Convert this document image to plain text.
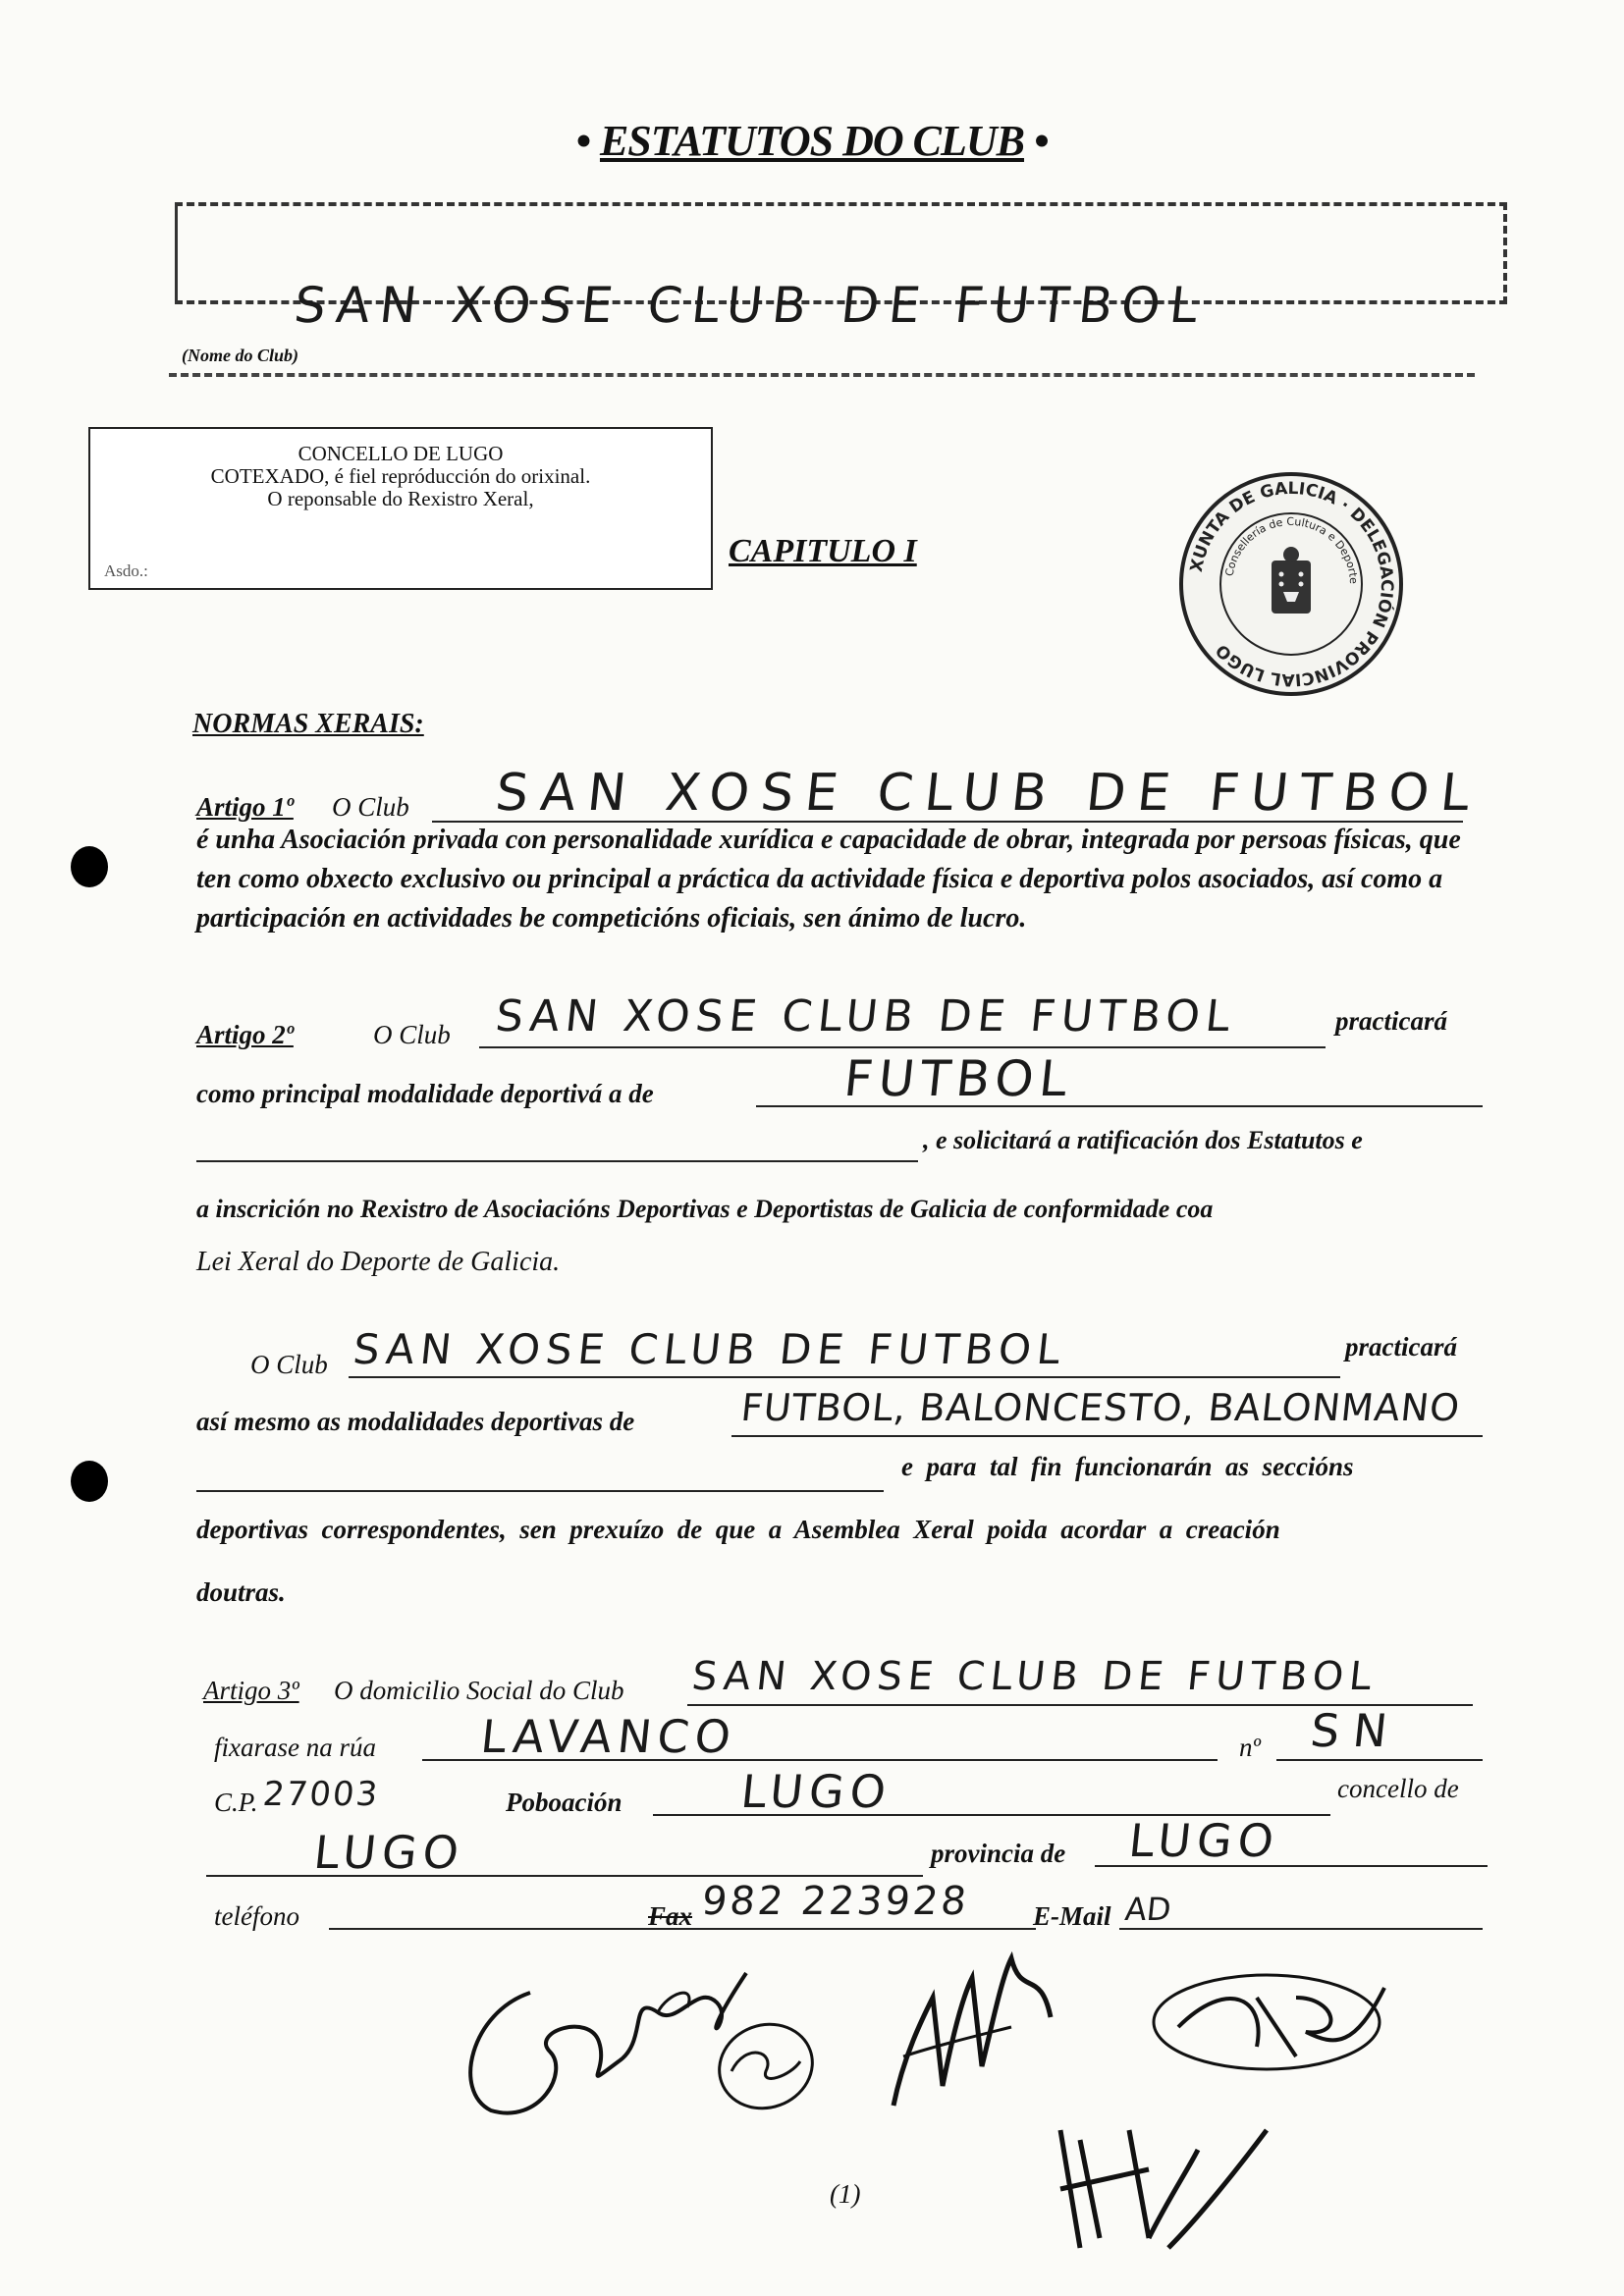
• ESTATUTOS DO CLUB •
SAN XOSE CLUB DE FUTBOL
(Nome do Club)
CONCELLO DE LUGO
COTEXADO, é fiel repróducción do orixinal.
O reponsable do Rexistro Xeral,
Asdo.:
CAPITULO I	XUNTA DE GALICIA · DELEGACIÓN PROVINCIAL LUGO
Consellería de Cultura e Deporte
NORMAS XERAIS:
Artigo 1º O Club SAN XOSE CLUB DE FUTBOL
é unha Asociación privada con personalidade xurídica e capacidade de obrar, integrada por persoas físicas, que ten como obxecto exclusivo ou principal a práctica da actividade física e deportiva polos asociados, así como a participación en actividades be competicións oficiais, sen ánimo de lucro.
Artigo 2º	O Club SAN XOSE CLUB DE FUTBOL	practicará
como principal modalidade deportivá a de	FUTBOL
, e solicitará a ratificación dos Estatutos e
a inscrición no Rexistro de Asociacións Deportivas e Deportistas de Galicia de conformidade coa
Lei Xeral do Deporte de Galicia.
O Club SAN XOSE CLUB DE FUTBOL	practicará
así mesmo as modalidades deportivas de	FUTBOL, BALONCESTO, BALONMANO
e  para  tal  fin  funcionarán  as  seccións
deportivas  correspondentes,  sen  prexuízo  de  que  a  Asemblea  Xeral  poida  acordar  a  creación
doutras.
Artigo 3º O domicilio Social do Club SAN XOSE CLUB DE FUTBOL
fixarase na rúa LAVANCO	nº SN
C.P. 27003	Poboación	LUGO	concello de
LUGO	provincia de LUGO
teléfono	Fax 982 223928 E-Mail AD
(1)
